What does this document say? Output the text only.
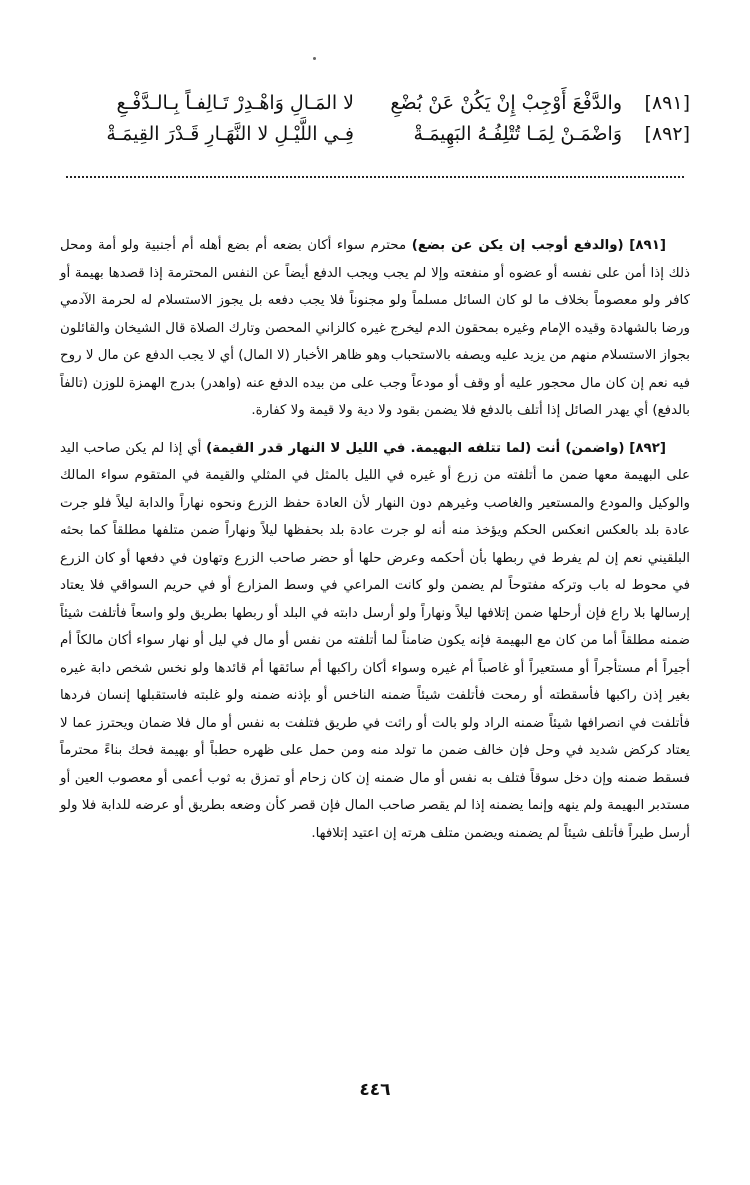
[٨٩١]
والدَّفْعَ أَوْجِبْ إِنْ يَكُنْ عَنْ بُضْعِ
لا المَـالِ وَاهْـدِرْ تَـالِفـاً بِـالـدَّفْـعِ
[٨٩٢]
وَاضْمَـنْ لِمَـا تُتْلِفُـهُ البَهِيمَـةْ
فِـي اللَّيْـلِ لا النَّهَـارِ قَـدْرَ القِيمَـةْ

[٨٩١] (والدفع أوجب إن يكن عن بضع) محترم سواء أكان بضعه أم بضع أهله أم أجنبية ولو أمة ومحل ذلك إذا أمن على نفسه أو عضوه أو منفعته وإلا لم يجب ويجب الدفع أيضاً عن النفس المحترمة إذا قصدها بهيمة أو كافر ولو معصوماً بخلاف ما لو كان السائل مسلماً ولو مجنوناً فلا يجب دفعه بل يجوز الاستسلام له لحرمة الآدمي ورضا بالشهادة وقيده الإمام وغيره بمحقون الدم ليخرج غيره كالزاني المحصن وتارك الصلاة قال الشيخان والقائلون بجواز الاستسلام منهم من يزيد عليه ويصفه بالاستحباب وهو ظاهر الأخبار (لا المال) أي لا يجب الدفع عن مال لا روح فيه نعم إن كان مال محجور عليه أو وقف أو مودعاً وجب على من بيده الدفع عنه (واهدر) بدرج الهمزة للوزن (تالفاً بالدفع) أي يهدر الصائل إذا أتلف بالدفع فلا يضمن بقود ولا دية ولا قيمة ولا كفارة.

[٨٩٢] (واضمن) أنت (لما تتلفه البهيمة. في الليل لا النهار قدر القيمة) أي إذا لم يكن صاحب اليد على البهيمة معها ضمن ما أتلفته من زرع أو غيره في الليل بالمثل في المثلي والقيمة في المتقوم سواء المالك والوكيل والمودع والمستعير والغاصب وغيرهم دون النهار لأن العادة حفظ الزرع ونحوه نهاراً والدابة ليلاً فلو جرت عادة بلد بالعكس انعكس الحكم ويؤخذ منه أنه لو جرت عادة بلد بحفظها ليلاً ونهاراً ضمن متلفها مطلقاً كما بحثه البلقيني نعم إن لم يفرط في ربطها بأن أحكمه وعرض حلها أو حضر صاحب الزرع وتهاون في دفعها أو كان الزرع في محوط له باب وتركه مفتوحاً لم يضمن ولو كانت المراعي في وسط المزارع أو في حريم السواقي فلا يعتاد إرسالها بلا راع فإن أرحلها ضمن إتلافها ليلاً ونهاراً ولو أرسل دابته في البلد أو ربطها بطريق ولو واسعاً فأتلفت شيئاً ضمنه مطلقاً أما من كان مع البهيمة فإنه يكون ضامناً لما أتلفته من نفس أو مال في ليل أو نهار سواء أكان مالكاً أم أجيراً أم مستأجراً أو مستعيراً أو غاصباً أم غيره وسواء أكان راكبها أم سائقها أم قائدها ولو نخس شخص دابة غيره بغير إذن راكبها فأسقطته أو رمحت فأتلفت شيئاً ضمنه الناخس أو بإذنه ضمنه ولو غلبته فاستقبلها إنسان فردها فأتلفت في انصرافها شيئاً ضمنه الراد ولو بالت أو راثت في طريق فتلفت به نفس أو مال فلا ضمان ويحترز عما لا يعتاد كركض شديد في وحل فإن خالف ضمن ما تولد منه ومن حمل على ظهره حطباً أو بهيمة فحك بناءً محترماً فسقط ضمنه وإن دخل سوقاً فتلف به نفس أو مال ضمنه إن كان زحام أو تمزق به ثوب أعمى أو معصوب العين أو مستدبر البهيمة ولم ينهه وإنما يضمنه إذا لم يقصر صاحب المال فإن قصر كأن وضعه بطريق أو عرضه للدابة فلا ولو أرسل طيراً فأتلف شيئاً لم يضمنه ويضمن متلف هرته إن اعتيد إتلافها.

٤٤٦
